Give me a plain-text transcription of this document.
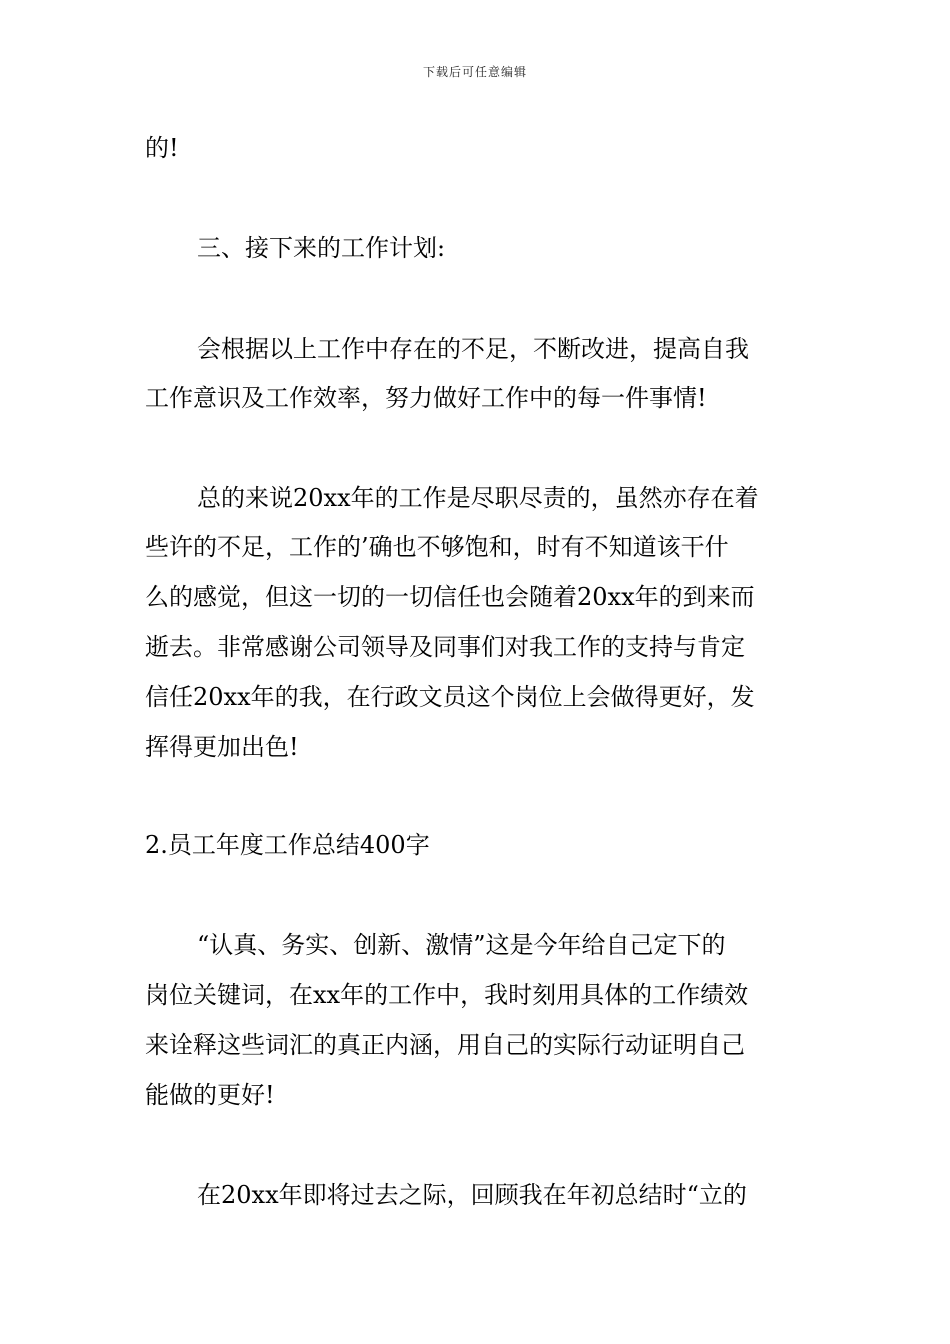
下载后可任意编辑
的!
三、接下来的工作计划:
会根据以上工作中存在的不足，不断改进，提高自我
工作意识及工作效率，努力做好工作中的每一件事情!
总的来说20xx年的工作是尽职尽责的，虽然亦存在着
些许的不足，工作的’确也不够饱和，时有不知道该干什
么的感觉，但这一切的一切信任也会随着20xx年的到来而
逝去。非常感谢公司领导及同事们对我工作的支持与肯定
信任20xx年的我，在行政文员这个岗位上会做得更好，发
挥得更加出色!
2.员工年度工作总结400字
“认真、务实、创新、激情”这是今年给自己定下的
岗位关键词，在xx年的工作中，我时刻用具体的工作绩效
来诠释这些词汇的真正内涵，用自己的实际行动证明自己
能做的更好!
在20xx年即将过去之际，回顾我在年初总结时“立的
